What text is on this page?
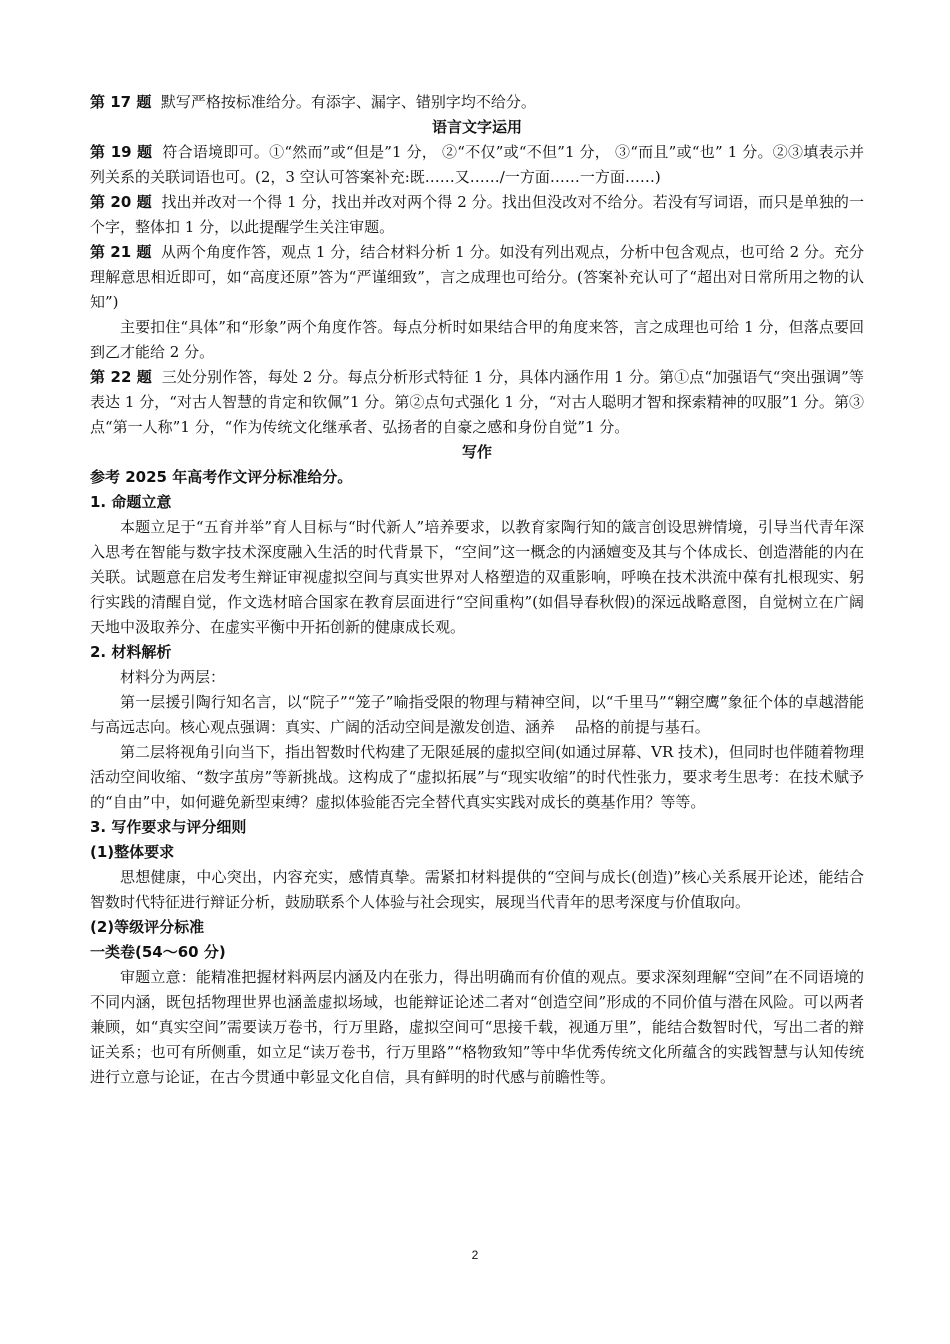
第 17 题 默写严格按标准给分。有添字、漏字、错别字均不给分。

语言文字运用

第 19 题 符合语境即可。①“然而”或“但是”1 分， ②“不仅”或“不但”1 分， ③“而且”或“也” 1 分。②③填表示并列关系的关联词语也可。(2，3 空认可答案补充:既……又……/一方面……一方面……)

第 20 题 找出并改对一个得 1 分，找出并改对两个得 2 分。找出但没改对不给分。若没有写词语，而只是单独的一个字，整体扣 1 分，以此提醒学生关注审题。

第 21 题 从两个角度作答，观点 1 分，结合材料分析 1 分。如没有列出观点，分析中包含观点，也可给 2 分。充分理解意思相近即可，如“高度还原”答为“严谨细致”，言之成理也可给分。(答案补充认可了“超出对日常所用之物的认知”)

主要扣住“具体”和“形象”两个角度作答。每点分析时如果结合甲的角度来答，言之成理也可给 1 分，但落点要回到乙才能给 2 分。

第 22 题 三处分别作答，每处 2 分。每点分析形式特征 1 分，具体内涵作用 1 分。第①点“加强语气“突出强调”等表达 1 分，“对古人智慧的肯定和钦佩”1 分。第②点句式强化 1 分，“对古人聪明才智和探索精神的叹服”1 分。第③点“第一人称”1 分，“作为传统文化继承者、弘扬者的自豪之感和身份自觉”1 分。

写作

参考 2025 年高考作文评分标准给分。

1. 命题立意

本题立足于“五育并举”育人目标与“时代新人”培养要求，以教育家陶行知的箴言创设思辨情境，引导当代青年深入思考在智能与数字技术深度融入生活的时代背景下，“空间”这一概念的内涵嬗变及其与个体成长、创造潜能的内在关联。试题意在启发考生辩证审视虚拟空间与真实世界对人格塑造的双重影响，呼唤在技术洪流中葆有扎根现实、躬行实践的清醒自觉，作文选材暗合国家在教育层面进行“空间重构”(如倡导春秋假)的深远战略意图，自觉树立在广阔天地中汲取养分、在虚实平衡中开拓创新的健康成长观。

2. 材料解析

材料分为两层：

第一层援引陶行知名言，以“院子”“笼子”喻指受限的物理与精神空间，以“千里马”“翱空鹰”象征个体的卓越潜能与高远志向。核心观点强调：真实、广阔的活动空间是激发创造、涵养　 品格的前提与基石。

第二层将视角引向当下，指出智数时代构建了无限延展的虚拟空间(如通过屏幕、VR 技术)，但同时也伴随着物理活动空间收缩、“数字茧房”等新挑战。这构成了“虚拟拓展”与“现实收缩”的时代性张力，要求考生思考：在技术赋予的“自由”中，如何避免新型束缚？虚拟体验能否完全替代真实实践对成长的奠基作用？等等。

3. 写作要求与评分细则

(1)整体要求

思想健康，中心突出，内容充实，感情真挚。需紧扣材料提供的“空间与成长(创造)”核心关系展开论述，能结合智数时代特征进行辩证分析，鼓励联系个人体验与社会现实，展现当代青年的思考深度与价值取向。

(2)等级评分标准

一类卷(54～60 分)

审题立意：能精准把握材料两层内涵及内在张力，得出明确而有价值的观点。要求深刻理解“空间”在不同语境的不同内涵，既包括物理世界也涵盖虚拟场域，也能辩证论述二者对“创造空间”形成的不同价值与潜在风险。可以两者兼顾，如“真实空间”需要读万卷书，行万里路，虚拟空间可“思接千载，视通万里”，能结合数智时代，写出二者的辩证关系；也可有所侧重，如立足“读万卷书，行万里路”“格物致知”等中华优秀传统文化所蕴含的实践智慧与认知传统进行立意与论证，在古今贯通中彰显文化自信，具有鲜明的时代感与前瞻性等。

2
